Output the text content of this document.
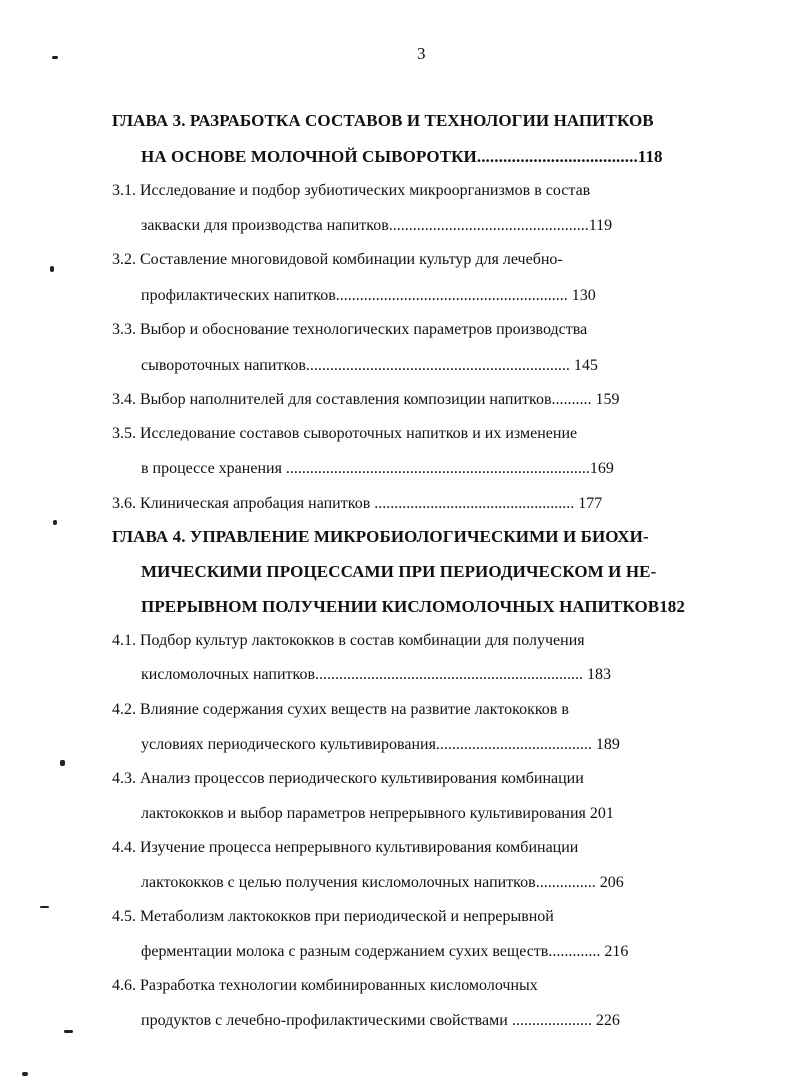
3
ГЛАВА 3. РАЗРАБОТКА СОСТАВОВ И ТЕХНОЛОГИИ НАПИТКОВ
НА ОСНОВЕ МОЛОЧНОЙ СЫВОРОТКИ.....................................118
3.1. Исследование и подбор зубиотических микроорганизмов в состав
закваски для производства напитков..................................................119
3.2. Составление многовидовой комбинации культур для лечебно-
профилактических напитков.......................................................... 130
3.3. Выбор и обоснование технологических параметров производства
сывороточных напитков.................................................................. 145
3.4. Выбор наполнителей для составления композиции напитков.......... 159
3.5. Исследование составов сывороточных напитков и их изменение
в процессе хранения ............................................................................169
3.6. Клиническая апробация напитков .................................................. 177
ГЛАВА 4. УПРАВЛЕНИЕ МИКРОБИОЛОГИЧЕСКИМИ И БИОХИ-
МИЧЕСКИМИ ПРОЦЕССАМИ ПРИ ПЕРИОДИЧЕСКОМ И НЕ-
ПРЕРЫВНОМ ПОЛУЧЕНИИ КИСЛОМОЛОЧНЫХ НАПИТКОВ182
4.1. Подбор культур лактококков в состав комбинации для получения
кисломолочных напитков................................................................... 183
4.2. Влияние содержания сухих веществ на развитие лактококков в
условиях периодического культивирования....................................... 189
4.3. Анализ процессов периодического культивирования комбинации
лактококков и выбор параметров непрерывного культивирования 201
4.4. Изучение процесса непрерывного культивирования комбинации
лактококков с целью получения кисломолочных напитков............... 206
4.5. Метаболизм лактококков при периодической и непрерывной
ферментации молока с разным содержанием сухих веществ............. 216
4.6. Разработка технологии комбинированных кисломолочных
продуктов с лечебно-профилактическими свойствами .................... 226
